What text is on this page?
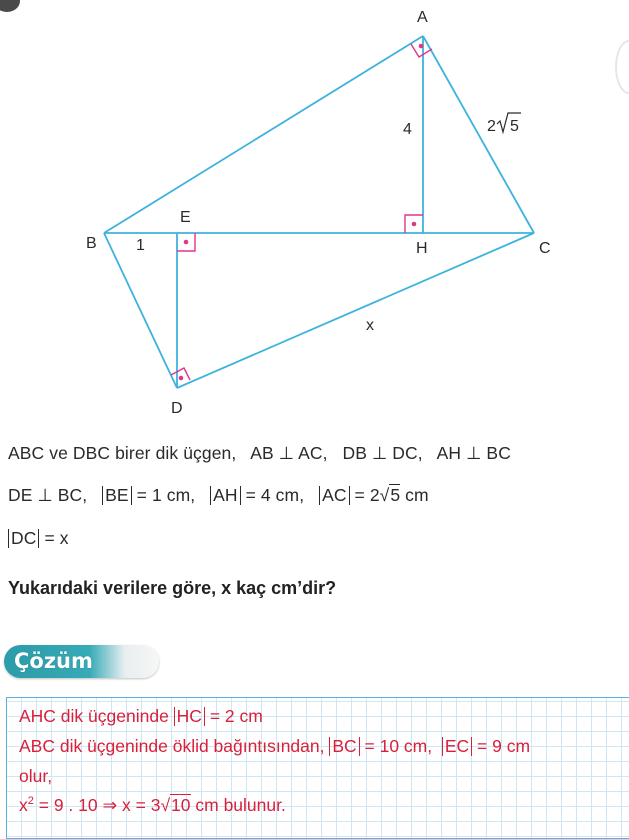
A
B	C
D
E
H
1
4	2 5
x
ABC ve DBC birer dik üçgen, AB ⊥ AC, DB ⊥ DC, AH ⊥ BC
DE ⊥ BC, BE = 1 cm, AH = 4 cm, AC = 2√5 cm
DC = x
Yukarıdaki verilere göre, x kaç cm’dir?
Çözüm
AHC dik üçgeninde HC = 2 cm
ABC dik üçgeninde öklid bağıntısından, BC = 10 cm, EC = 9 cm
olur,
$x^2 = 9$ . 10 ⇒ x = 3√10 cm bulunur.
